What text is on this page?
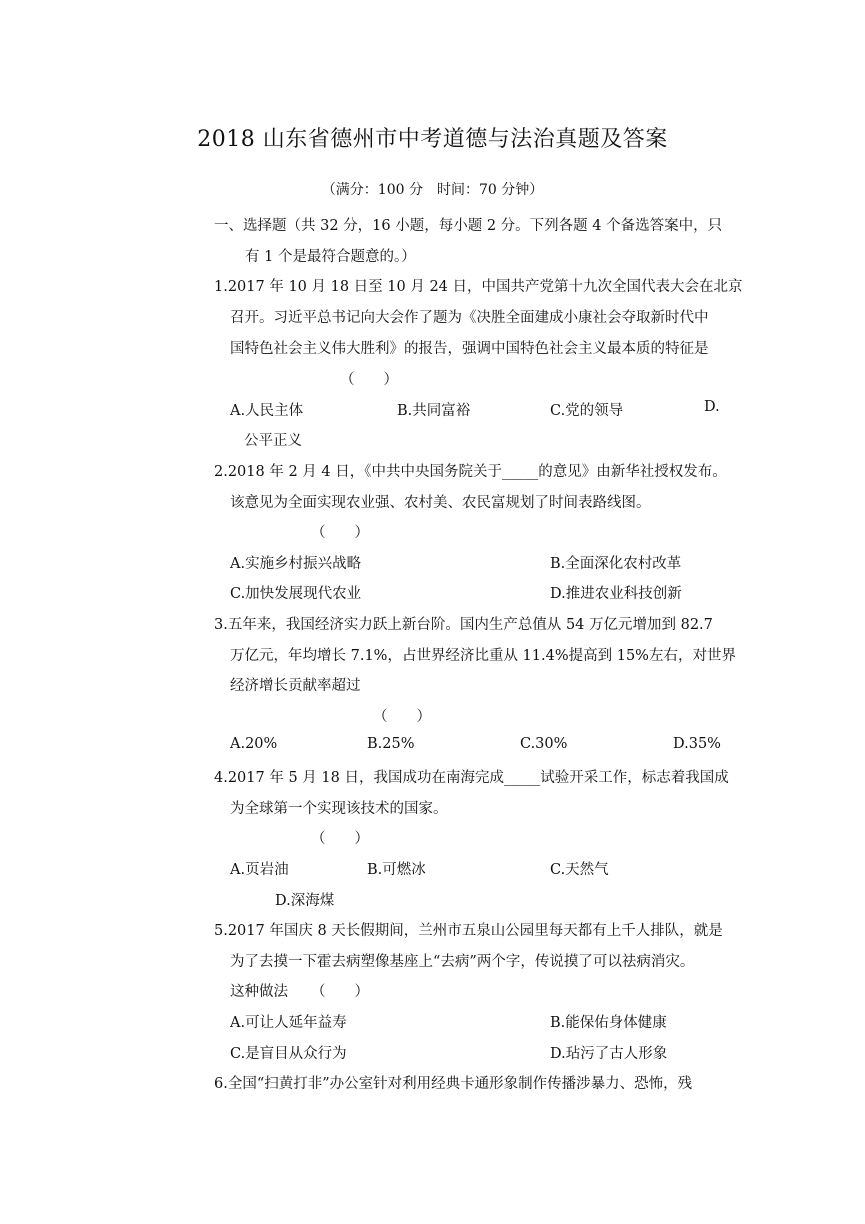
2018 山东省德州市中考道德与法治真题及答案
（满分：100 分　时间：70 分钟）
一、选择题（共 32 分，16 小题，每小题 2 分。下列各题 4 个备选答案中，只
有 1 个是最符合题意的。）
1.2017 年 10 月 18 日至 10 月 24 日，中国共产党第十九次全国代表大会在北京
召开。习近平总书记向大会作了题为《决胜全面建成小康社会夺取新时代中
国特色社会主义伟大胜利》的报告，强调中国特色社会主义最本质的特征是
（　　）
A.人民主体	B.共同富裕	C.党的领导	D.
公平正义
2.2018 年 2 月 4 日，《中共中央国务院关于_____的意见》由新华社授权发布。
该意见为全面实现农业强、农村美、农民富规划了时间表路线图。
（　　）
A.实施乡村振兴战略	B.全面深化农村改革
C.加快发展现代农业	D.推进农业科技创新
3.五年来，我国经济实力跃上新台阶。国内生产总值从 54 万亿元增加到 82.7
万亿元，年均增长 7.1%，占世界经济比重从 11.4%提高到 15%左右，对世界
经济增长贡献率超过
（　　）
A.20%	B.25%	C.30%	D.35%
4.2017 年 5 月 18 日，我国成功在南海完成_____试验开采工作，标志着我国成
为全球第一个实现该技术的国家。
（　　）
A.页岩油	B.可燃冰	C.天然气
D.深海煤
5.2017 年国庆 8 天长假期间，兰州市五泉山公园里每天都有上千人排队，就是
为了去摸一下霍去病塑像基座上“去病”两个字，传说摸了可以祛病消灾。
这种做法 （　　）
A.可让人延年益寿	B.能保佑身体健康
C.是盲目从众行为	D.玷污了古人形象
6.全国“扫黄打非”办公室针对利用经典卡通形象制作传播涉暴力、恐怖，残
